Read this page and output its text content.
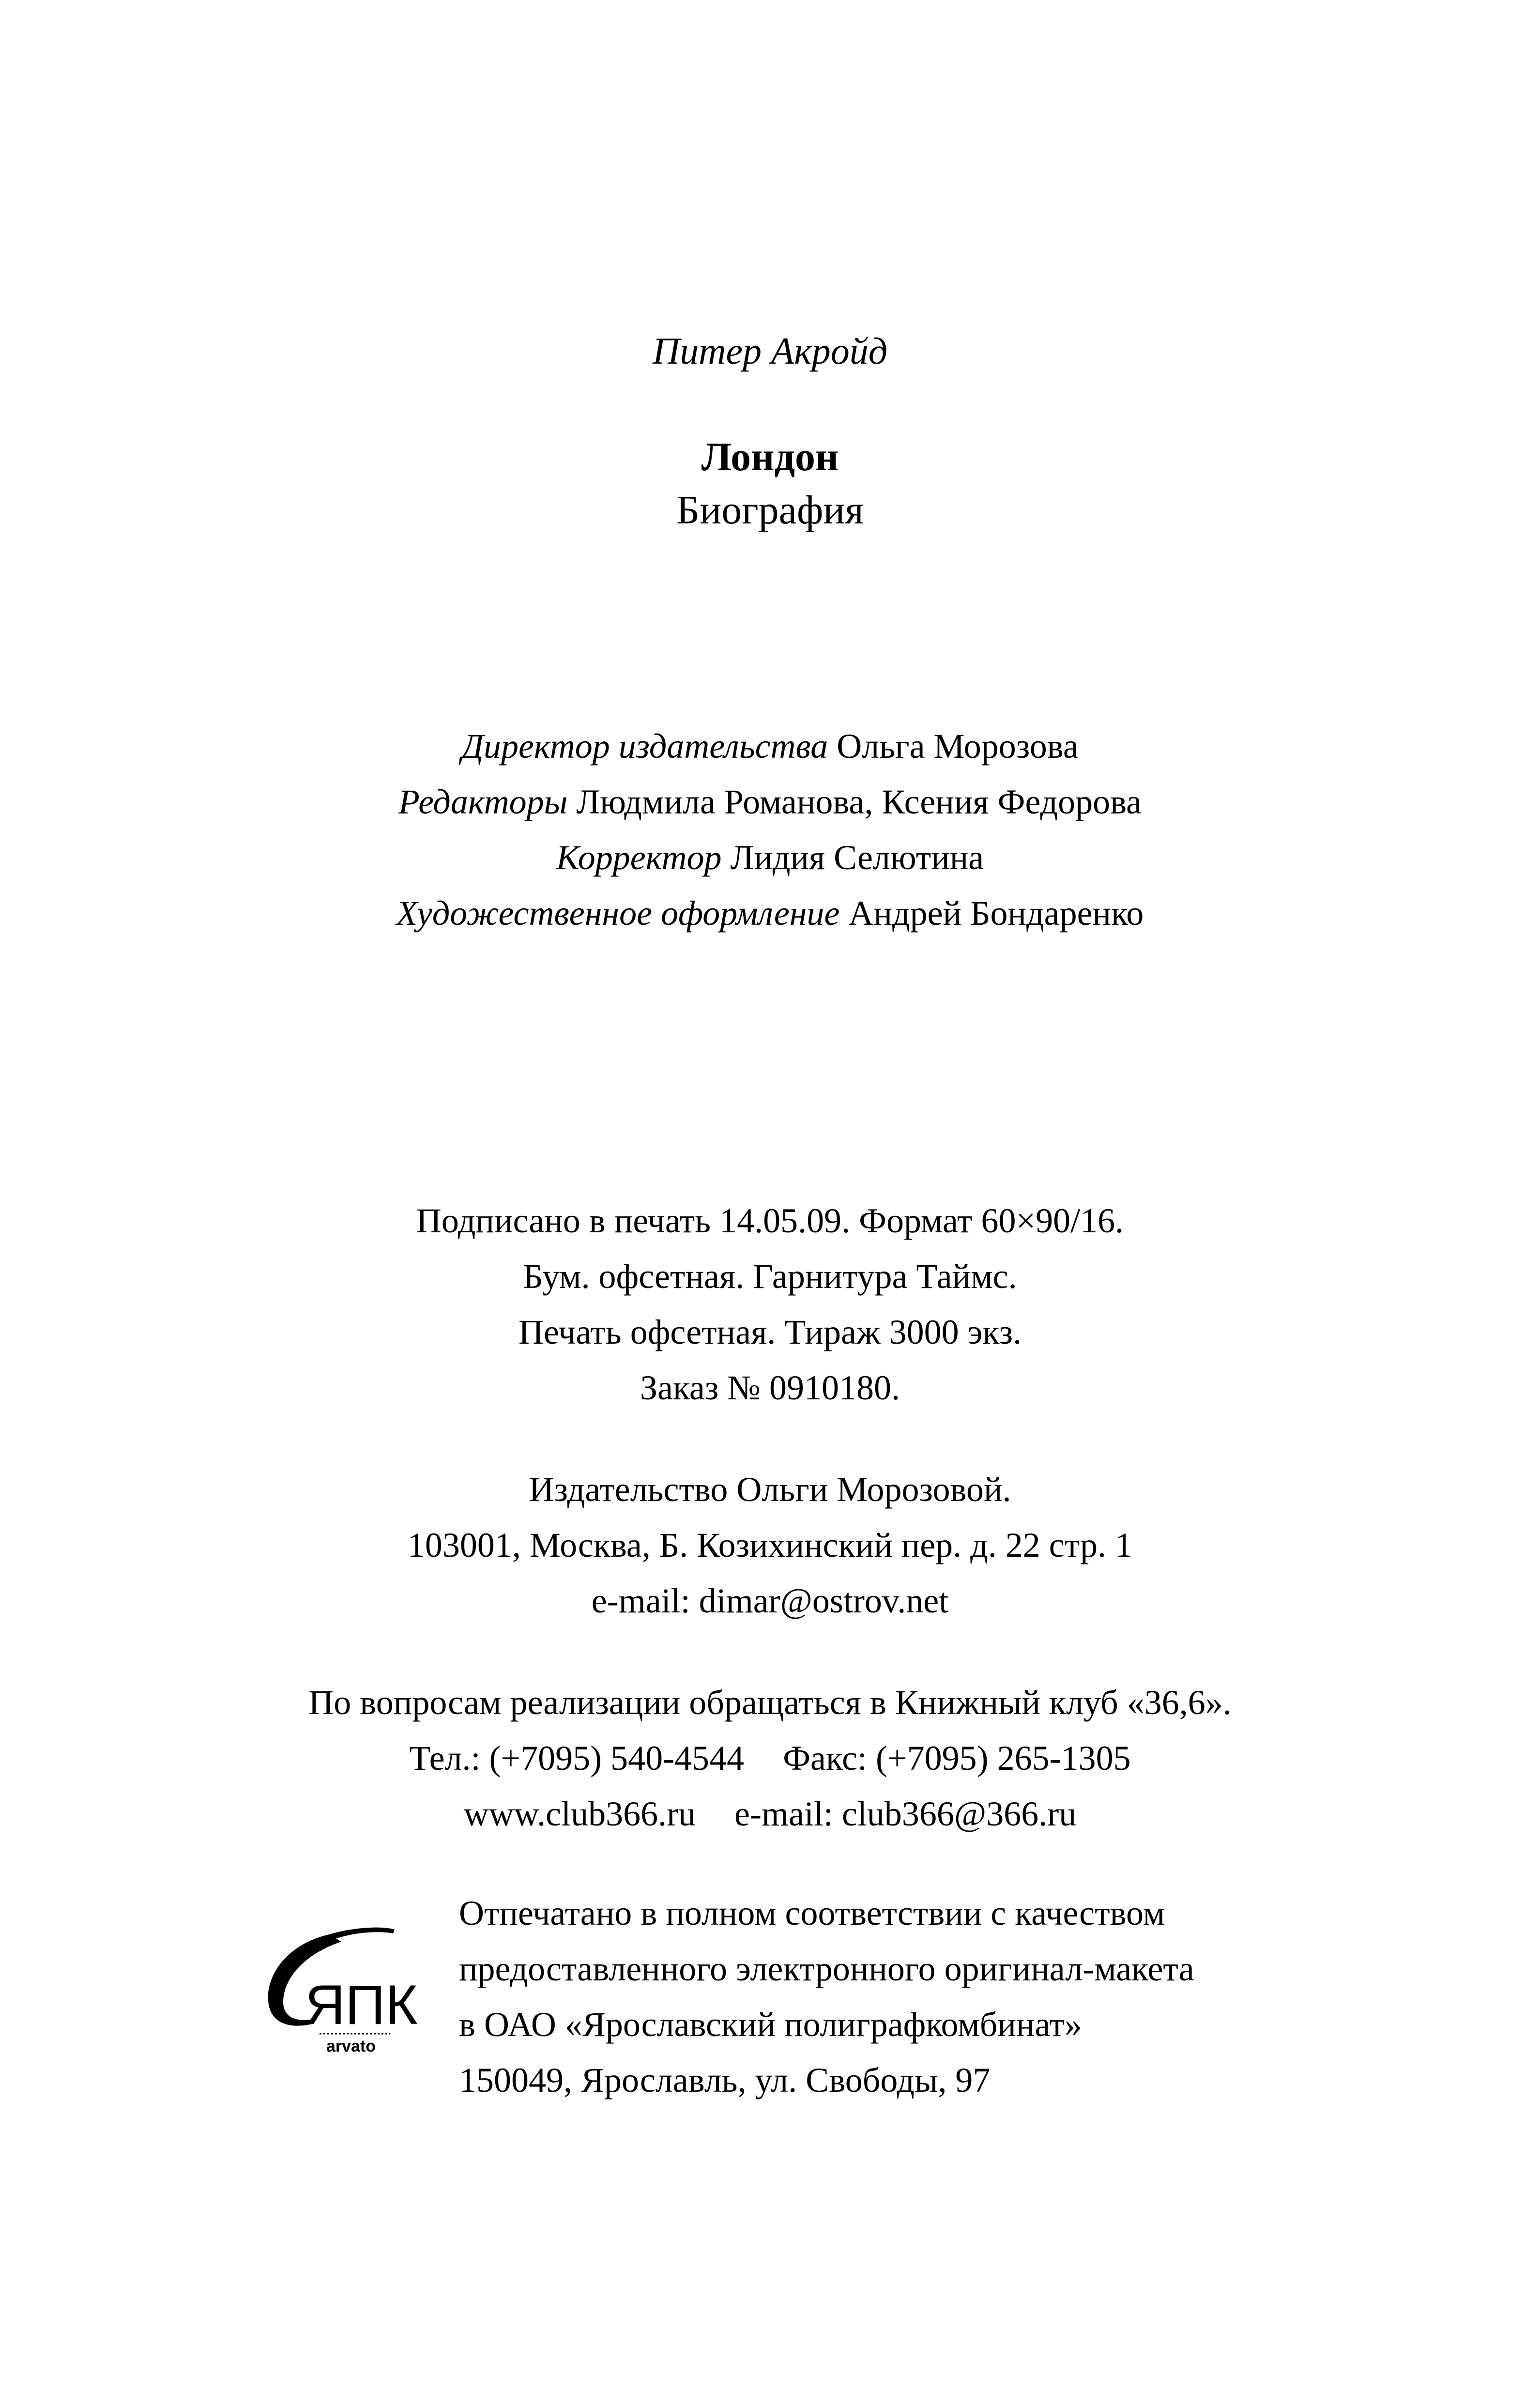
Питер Акройд
Лондон
Биография
Директор издательства Ольга Морозова
Редакторы Людмила Романова, Ксения Федорова
Корректор Лидия Селютина
Художественное оформление Андрей Бондаренко
Подписано в печать 14.05.09. Формат 60×90/16.
Бум. офсетная. Гарнитура Таймс.
Печать офсетная. Тираж 3000 экз.
Заказ № 0910180.
Издательство Ольги Морозовой.
103001, Москва, Б. Козихинский пер. д. 22 стр. 1
e-mail: dimar@ostrov.net
По вопросам реализации обращаться в Книжный клуб «36,6».
Тел.: (+7095) 540-4544 Факс: (+7095) 265-1305
www.club366.ru e-mail: club366@366.ru
ЯПК
arvato
Отпечатано в полном соответствии с качеством
предоставленного электронного оригинал-макета
в ОАО «Ярославский полиграфкомбинат»
150049, Ярославль, ул. Свободы, 97
